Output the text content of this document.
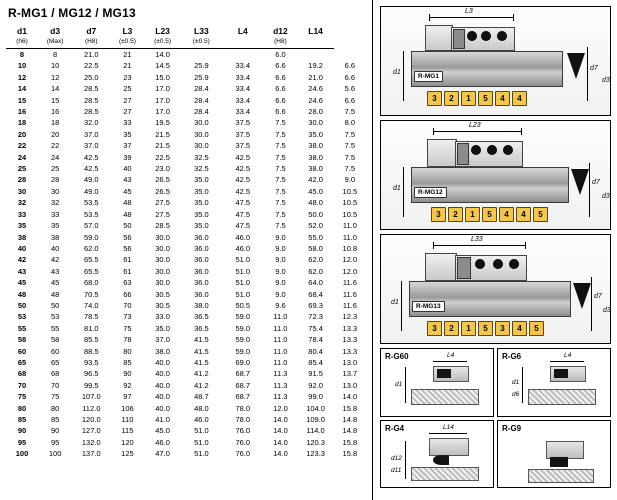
R-MG1 / MG12 / MG13
d1	d3	d7	L3	L23	L33	L4	d12	L14	
(h6)	(Max)	(H8)	(±0.5)	(±0.5)	(±0.5)		(H8)		
8	8	21.0	21	14.0			6.0		
10	10	22.5	21	14.5	25.9	33.4	6.6	19.2	6.6
12	12	25.0	23	15.0	25.9	33.4	6.6	21.0	6.6
14	14	28.5	25	17.0	28.4	33.4	6.6	24.6	5.6
15	15	28.5	27	17.0	28.4	33.4	6.6	24.6	6.6
16	16	28.5	27	17.0	28.4	33.4	6.6	28.0	7.5
18	18	32.0	33	19.5	30.0	37.5	7.5	30.0	8.0
20	20	37.0	35	21.5	30.0	37.5	7.5	35.0	7.5
22	22	37.0	37	21.5	30.0	37.5	7.5	38.0	7.5
24	24	42.5	39	22.5	32.5	42.5	7.5	38.0	7.5
25	25	42.5	40	23.0	32.5	42.5	7.5	38.0	7.5
28	28	49.0	43	26.5	35.0	42.5	7.5	42.0	9.0
30	30	49.0	45	26.5	35.0	42.5	7.5	45.0	10.5
32	32	53.5	48	27.5	35.0	47.5	7.5	48.0	10.5
33	33	53.5	48	27.5	35.0	47.5	7.5	50.0	10.5
35	35	57.0	50	28.5	35.0	47.5	7.5	52.0	11.0
38	38	59.0	56	30.0	36.0	46.0	9.0	55.0	11.0
40	40	62.0	56	30.0	36.0	46.0	9.0	58.0	10.8
42	42	65.5	61	30.0	36.0	51.0	9.0	62.0	12.0
43	43	65.5	61	30.0	36.0	51.0	9.0	62.0	12.0
45	45	68.0	63	30.0	36.0	51.0	9.0	64.0	11.6
48	48	70.5	66	30.5	36.0	51.0	9.0	68.4	11.6
50	50	74.0	70	30.5	38.0	50.5	9.6	69.3	11.6
53	53	78.5	73	33.0	36.5	59.0	11.0	72.3	12.3
55	55	81.0	75	35.0	36.5	59.0	11.0	75.4	13.3
58	58	85.5	78	37.0	41.5	59.0	11.0	78.4	13.3
60	60	88.5	80	38.0	41.5	59.0	11.0	80.4	13.3
65	65	93.5	85	40.0	41.5	69.0	11.0	85.4	13.0
68	68	96.5	90	40.0	41.2	68.7	11.3	91.5	13.7
70	70	99.5	92	40.0	41.2	68.7	11.3	92.0	13.0
75	75	107.0	97	40.0	48.7	68.7	11.3	99.0	14.0
80	80	112.0	106	40.0	48.0	78.0	12.0	104.0	15.8
85	85	120.0	110	41.0	46.0	78.0	14.0	109.0	14.8
90	90	127.0	115	45.0	51.0	76.0	14.0	114.0	14.8
95	95	132.0	120	46.0	51.0	76.0	14.0	120.3	15.8
100	100	137.0	125	47.0	51.0	76.0	14.0	123.3	15.8
L3
R-MG1
3	2	1	5	4	4
d1
d7
d3
L23
R-MG12
3	2	1	5	4	4	5
d1
d7
d3
L33
R-MG13
3	2	1	5	3	4	5
d1
d7
d3
R-G60	L4
d1
R-G6	L4
d1
d6
R-G4	L14
d12
d11
R-G9
